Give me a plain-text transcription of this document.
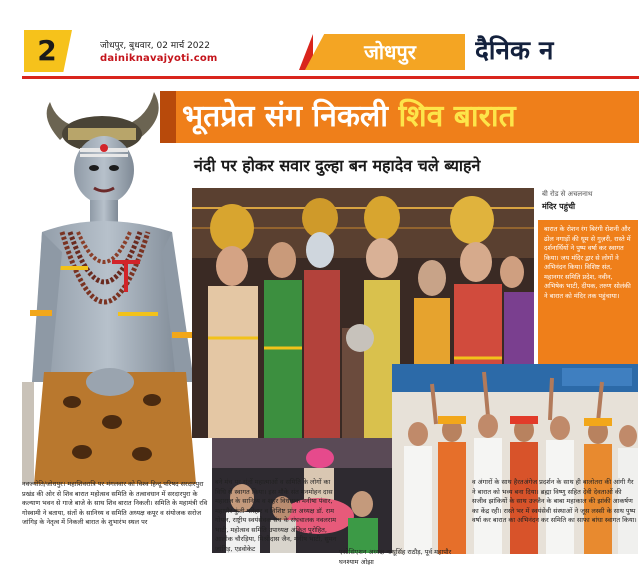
2	जोधपुर, बुधवार, 02 मार्च 2022
dainiknavajyoti.com	जोधपुर	दैनिक न
भूतप्रेत संग निकली शिव बारात
नंदी पर होकर सवार दुल्हा बन महादेव चले ब्याहने
बी रोड से अचलनाथ
मंदिर पहुंची
बारात के रोशन रंग बिरंगी रोशनी और ढोल नगाड़ों की धूम से गुज़री, रास्ते में दर्शनार्थियों ने पुष्प वर्षा कर स्वागत किया। जय मंदिर द्वार से लोगों ने अभिनंदन किया। विशिष्ट संत, महानगर समिति प्रदेश, नवीन, अभिषेक भाटी, दीपक, तरुण सोलंकी ने बारात को मंदिर तक पहुंचाया।
नवज्योति/जोधपुर। महाशिवरात्रि पर मंगलवार को विश्व हिन्दू परिषद सरदारपुरा प्रखंड की ओर से शिव बारात महोत्सव समिति के तत्वावधान में सरदारपुरा के कल्याण भवन से गाजे बाजे के साथ शिव बारात निकली। समिति के महामंत्री रवि गोस्वामी ने बताया, संतों के सानिध्य व समिति अध्यक्ष कपूर व संयोजक सरोज जांगिड़ के नेतृत्व में निकली बारात के शुभारंभ स्थल पर
बने मंच पर संतों महात्माओं व समिति के लोगों का विधि से स्वागत किया। इस मौके संत मनमोहन दास महाराज के सानिध्य व शहर विधायक मनीषा पंवार, महापौर कुंती परिहार व विशिष्ट प्रांत अध्यक्ष डॉ. राम गोयल, राष्ट्रीय स्वयंसेवक संघ के संघचालक नवलराम भाटी, महोत्सव समिति उपाध्यक्ष अंकित पुरोहित, आलोक चौरड़िया, मिश्रीदास जैन, मनीष भाटी, सुमन जांगिड़, एडवोकेट	एसोसिएशन अध्यक्ष नाथूसिंह राठौड़, पूर्व महापौर घनश्याम ओझा
व अंगारों के साथ हैरतअंगेज प्रदर्शन के साथ ही बालोतरा की आंगी गैर ने बारात को भव्य बना दिया। ब्रह्मा विष्णु सहित देवी देवताओं की सजीव झांकियों के साथ उज्जैन के बाबा महाकाल की झांकी आकर्षण का केंद्र रही। रास्ते भर में स्वयंसेवी संस्थाओं ने जूस लस्सी के साथ पुष्प वर्षा कर बारात का अभिनंदन कर समिति का साफा बांधा स्वागत किया।
